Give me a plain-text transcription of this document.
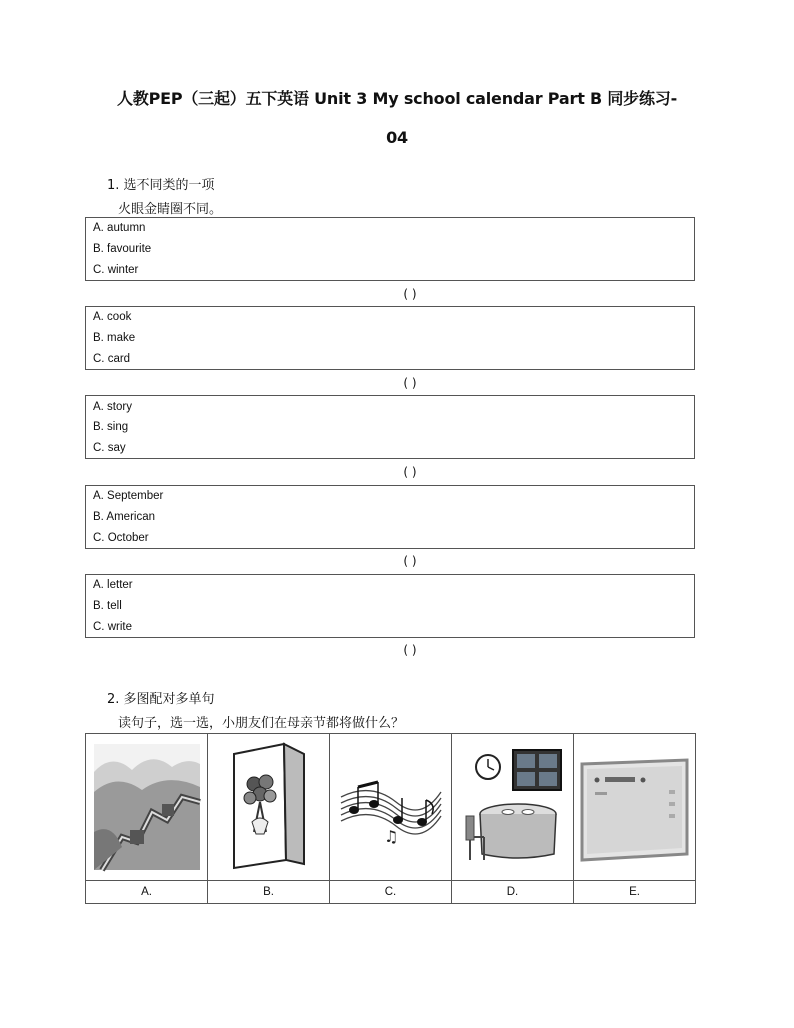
人教PEP（三起）五下英语 Unit 3 My school calendar Part B 同步练习-
04
1. 选不同类的一项
火眼金睛圈不同。
A. autumn
B. favourite
C. winter
( )
A. cook
B. make
C. card
( )
A. story
B. sing
C. say
( )
A. September
B. American
C. October
( )
A. letter
B. tell
C. write
( )
2. 多图配对多单句
读句子，选一选，小朋友们在母亲节都将做什么？

♫

A.	B.	C.	D.	E.
